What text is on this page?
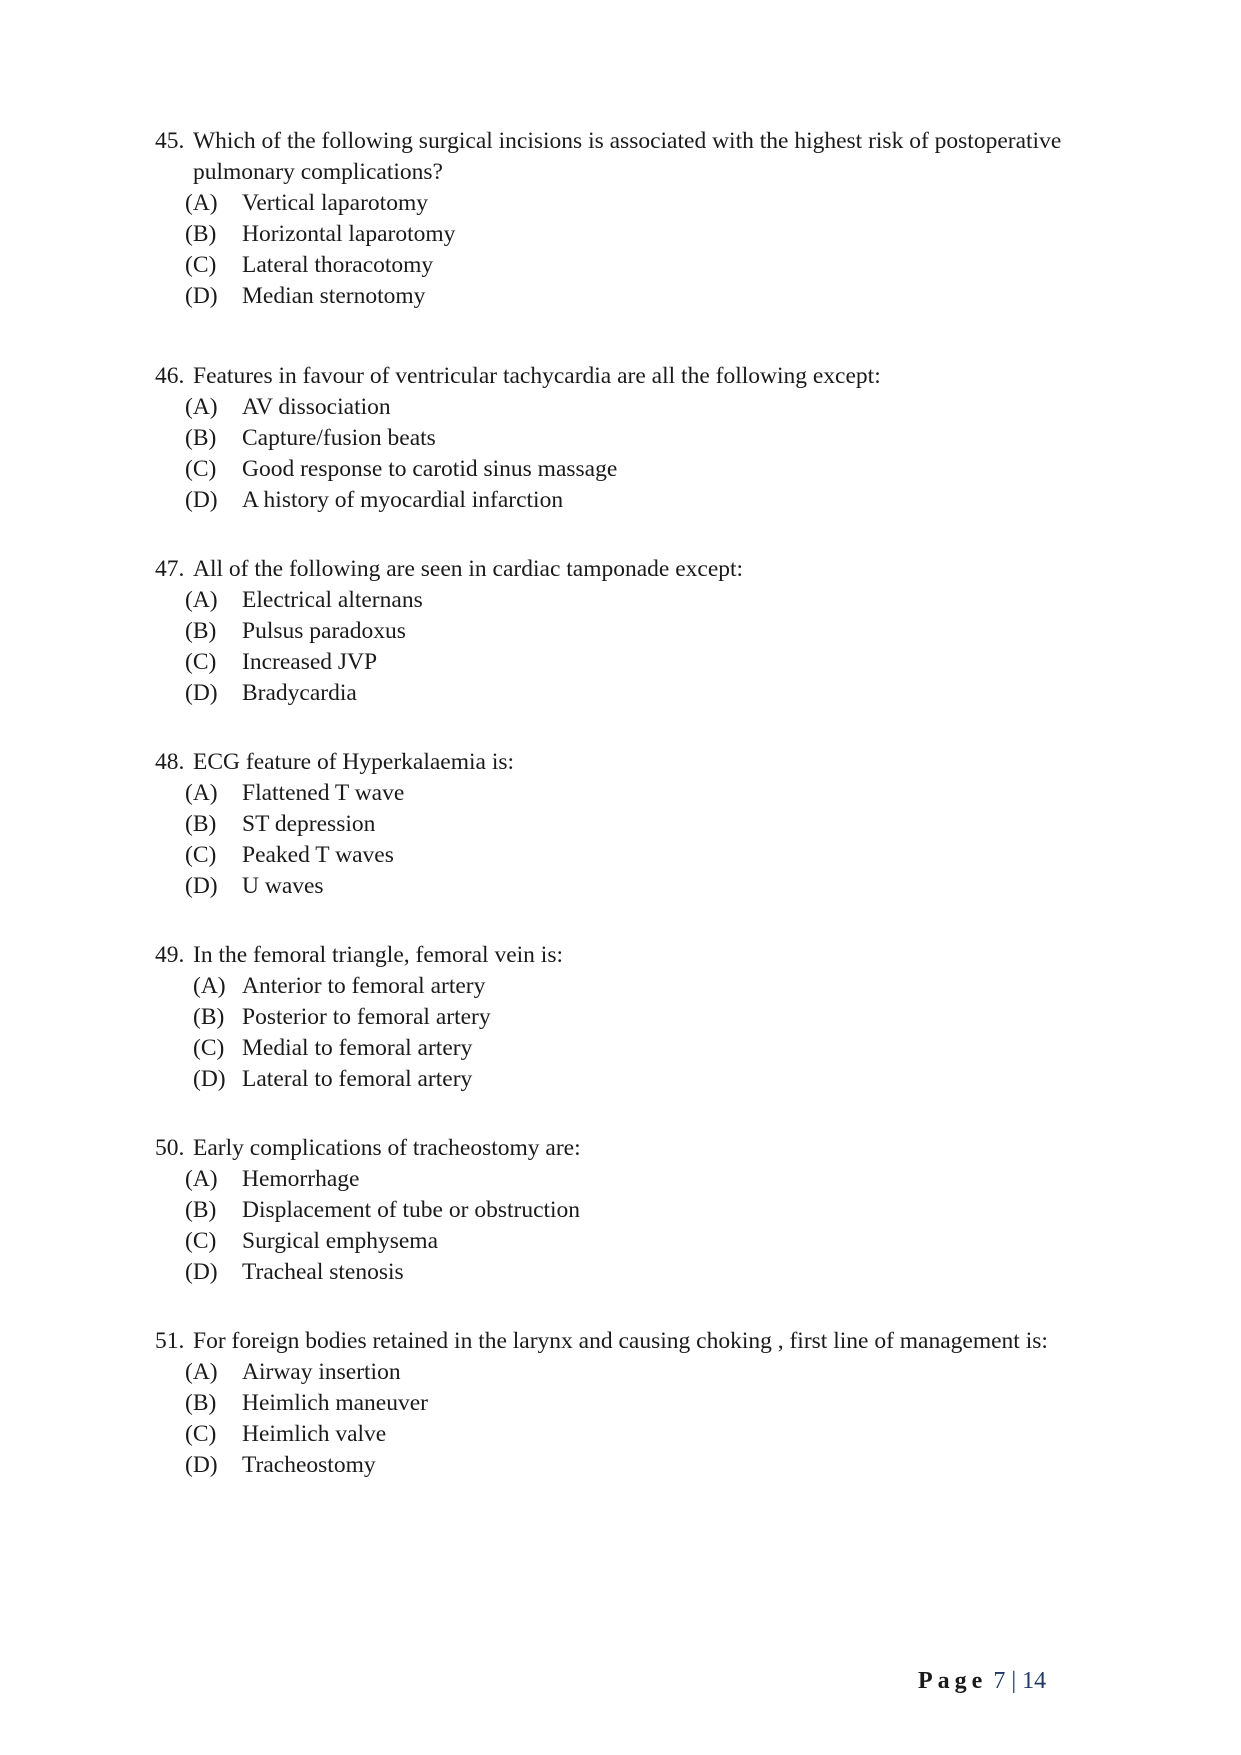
45. Which of the following surgical incisions is associated with the highest risk of postoperative pulmonary complications?
(A) Vertical laparotomy
(B) Horizontal laparotomy
(C) Lateral thoracotomy
(D) Median sternotomy
46. Features in favour of ventricular tachycardia are all the following except:
(A) AV dissociation
(B) Capture/fusion beats
(C) Good response to carotid sinus massage
(D) A history of myocardial infarction
47. All of the following are seen in cardiac tamponade except:
(A) Electrical alternans
(B) Pulsus paradoxus
(C) Increased JVP
(D) Bradycardia
48. ECG feature of Hyperkalaemia is:
(A) Flattened T wave
(B) ST depression
(C) Peaked T waves
(D) U waves
49. In the femoral triangle, femoral vein is:
(A) Anterior to femoral artery
(B) Posterior to femoral artery
(C) Medial to femoral artery
(D) Lateral to femoral artery
50. Early complications of tracheostomy are:
(A) Hemorrhage
(B) Displacement of tube or obstruction
(C) Surgical emphysema
(D) Tracheal stenosis
51. For foreign bodies retained in the larynx and causing choking , first line of management is:
(A) Airway insertion
(B) Heimlich maneuver
(C) Heimlich valve
(D) Tracheostomy
Page 7 | 14
